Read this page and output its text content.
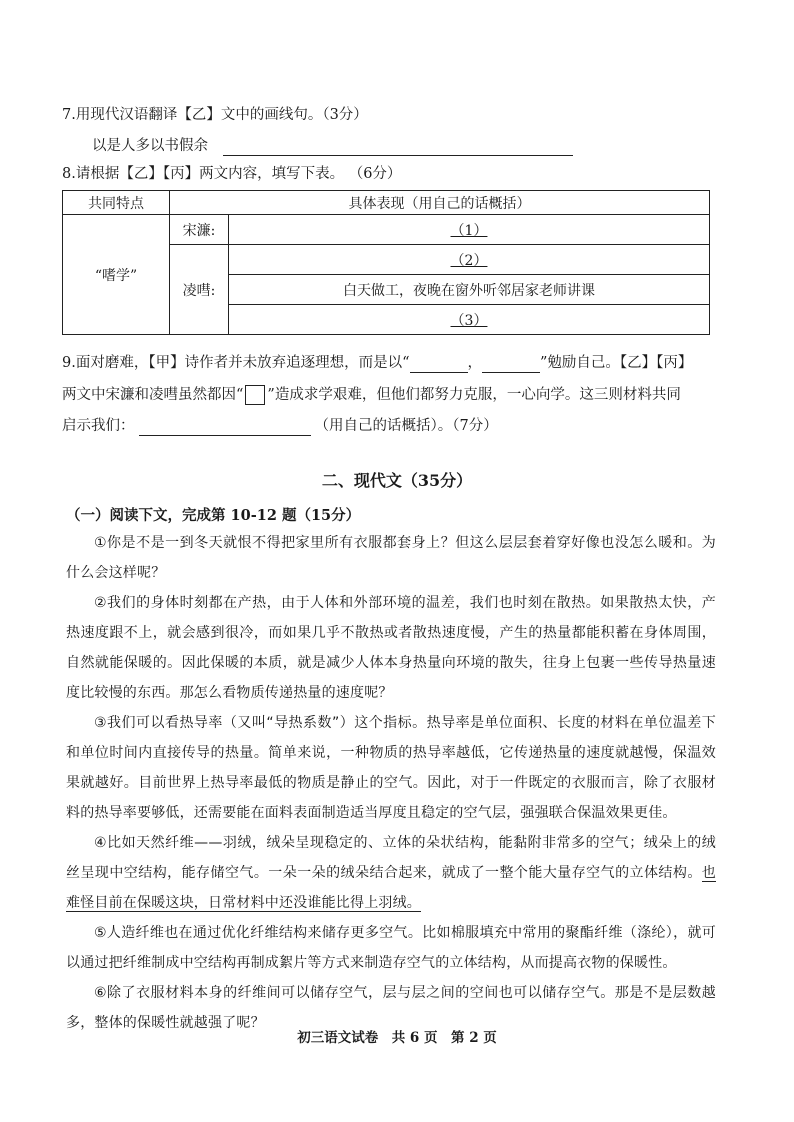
7.用现代汉语翻译【乙】文中的画线句。（3分）
以是人多以书假余
8.请根据【乙】【丙】两文内容，填写下表。 （6分）
共同特点	具体表现（用自己的话概括）	
“嗜学”	宋濂:	（1）
	凌嘒:	（2）
		白天做工，夜晚在窗外听邻居家老师讲课
		（3）
9.面对磨难，【甲】诗作者并未放弃追逐理想，而是以“	，	”勉励自己。【乙】【丙】
两文中宋濂和凌嘒虽然都因“ ”造成求学艰难，但他们都努力克服，一心向学。这三则材料共同
启示我们：	（用自己的话概括）。（7分）
二、现代文（35分）
（一）阅读下文，完成第 10-12 题（15分）

①你是不是一到冬天就恨不得把家里所有衣服都套身上？但这么层层套着穿好像也没怎么暖和。为什么会这样呢？

②我们的身体时刻都在产热，由于人体和外部环境的温差，我们也时刻在散热。如果散热太快，产热速度跟不上，就会感到很冷，而如果几乎不散热或者散热速度慢，产生的热量都能积蓄在身体周围，自然就能保暖的。因此保暖的本质，就是减少人体本身热量向环境的散失，往身上包裹一些传导热量速度比较慢的东西。那怎么看物质传递热量的速度呢？

③我们可以看热导率（又叫“导热系数”）这个指标。热导率是单位面积、长度的材料在单位温差下和单位时间内直接传导的热量。简单来说，一种物质的热导率越低，它传递热量的速度就越慢，保温效果就越好。目前世界上热导率最低的物质是静止的空气。因此，对于一件既定的衣服而言，除了衣服材料的热导率要够低，还需要能在面料表面制造适当厚度且稳定的空气层，强强联合保温效果更佳。

④比如天然纤维——羽绒，绒朵呈现稳定的、立体的朵状结构，能黏附非常多的空气；绒朵上的绒丝呈现中空结构，能存储空气。一朵一朵的绒朵结合起来，就成了一整个能大量存空气的立体结构。也难怪目前在保暖这块，日常材料中还没谁能比得上羽绒。

⑤人造纤维也在通过优化纤维结构来储存更多空气。比如棉服填充中常用的聚酯纤维（涤纶），就可以通过把纤维制成中空结构再制成絮片等方式来制造存空气的立体结构，从而提高衣物的保暖性。

⑥除了衣服材料本身的纤维间可以储存空气，层与层之间的空间也可以储存空气。那是不是层数越多，整体的保暖性就越强了呢？

初三语文试卷　共 6 页　第 2 页
